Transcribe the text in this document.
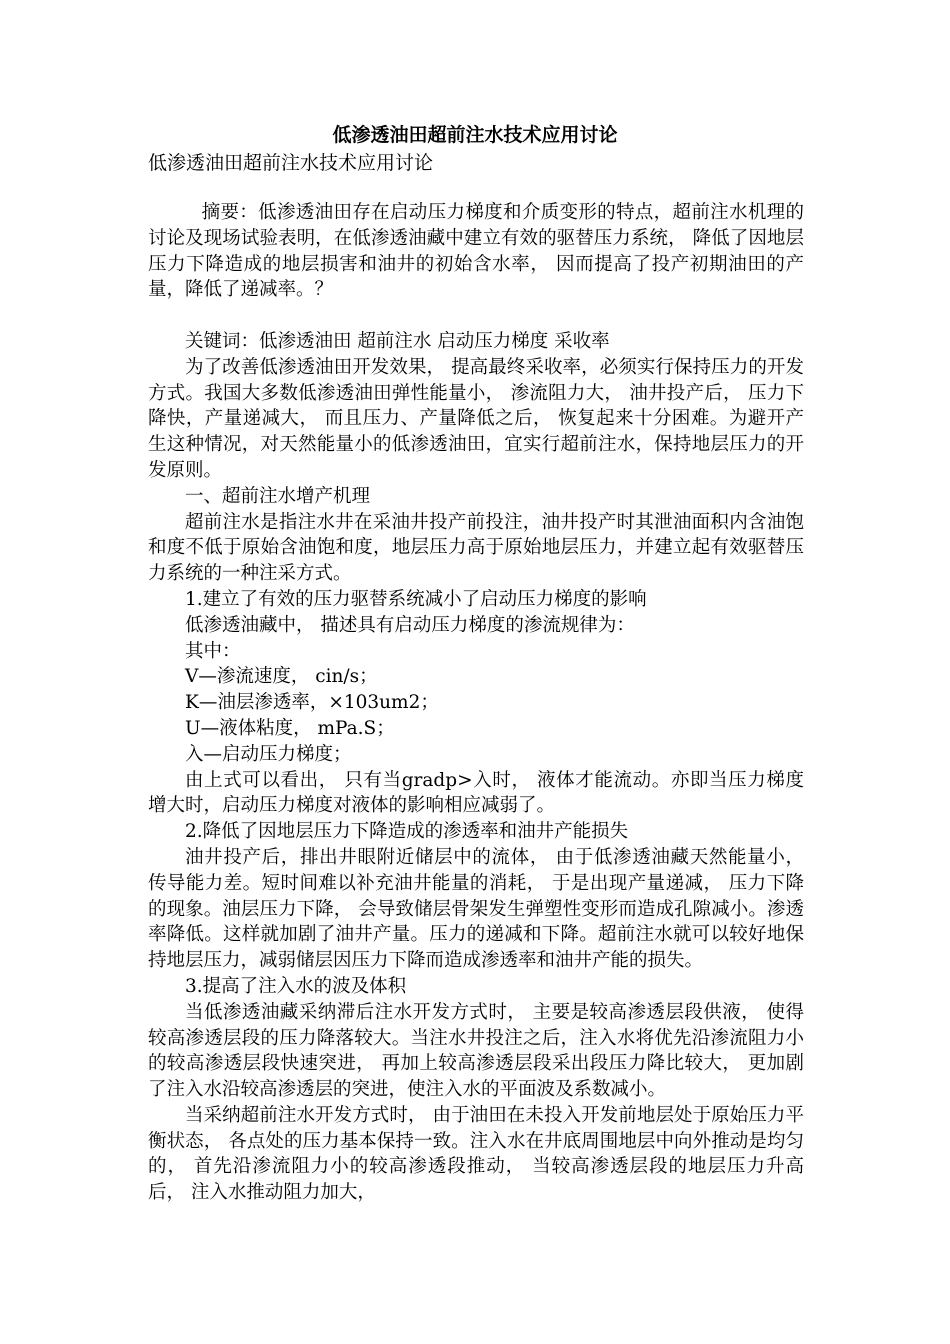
低渗透油田超前注水技术应用讨论
低渗透油田超前注水技术应用讨论

摘要：低渗透油田存在启动压力梯度和介质变形的特点，超前注水机理的讨论及现场试验表明，在低渗透油藏中建立有效的驱替压力系统， 降低了因地层压力下降造成的地层损害和油井的初始含水率， 因而提高了投产初期油田的产量，降低了递减率。？

关键词：低渗透油田 超前注水 启动压力梯度 采收率

为了改善低渗透油田开发效果， 提高最终采收率，必须实行保持压力的开发方式。我国大多数低渗透油田弹性能量小， 渗流阻力大， 油井投产后， 压力下降快，产量递减大， 而且压力、产量降低之后， 恢复起来十分困难。为避开产生这种情况，对天然能量小的低渗透油田，宜实行超前注水，保持地层压力的开发原则。

一、超前注水增产机理

超前注水是指注水井在采油井投产前投注，油井投产时其泄油面积内含油饱和度不低于原始含油饱和度，地层压力高于原始地层压力，并建立起有效驱替压力系统的一种注采方式。

1.建立了有效的压力驱替系统减小了启动压力梯度的影响

低渗透油藏中， 描述具有启动压力梯度的渗流规律为：

其中：

V—渗流速度， cin/s；

K—油层渗透率，×103um2；

U—液体粘度， mPa.S；

入—启动压力梯度；

由上式可以看出， 只有当gradp>入时， 液体才能流动。亦即当压力梯度增大时，启动压力梯度对液体的影响相应减弱了。

2.降低了因地层压力下降造成的渗透率和油井产能损失

油井投产后，排出井眼附近储层中的流体， 由于低渗透油藏天然能量小， 传导能力差。短时间难以补充油井能量的消耗， 于是出现产量递减， 压力下降的现象。油层压力下降， 会导致储层骨架发生弹塑性变形而造成孔隙减小。渗透率降低。这样就加剧了油井产量。压力的递减和下降。超前注水就可以较好地保持地层压力，减弱储层因压力下降而造成渗透率和油井产能的损失。

3.提高了注入水的波及体积

当低渗透油藏采纳滞后注水开发方式时， 主要是较高渗透层段供液， 使得较高渗透层段的压力降落较大。当注水井投注之后，注入水将优先沿渗流阻力小的较高渗透层段快速突进， 再加上较高渗透层段采出段压力降比较大， 更加剧了注入水沿较高渗透层的突进，使注入水的平面波及系数减小。

当采纳超前注水开发方式时， 由于油田在未投入开发前地层处于原始压力平衡状态， 各点处的压力基本保持一致。注入水在井底周围地层中向外推动是均匀的， 首先沿渗流阻力小的较高渗透段推动， 当较高渗透层段的地层压力升高后， 注入水推动阻力加大，
